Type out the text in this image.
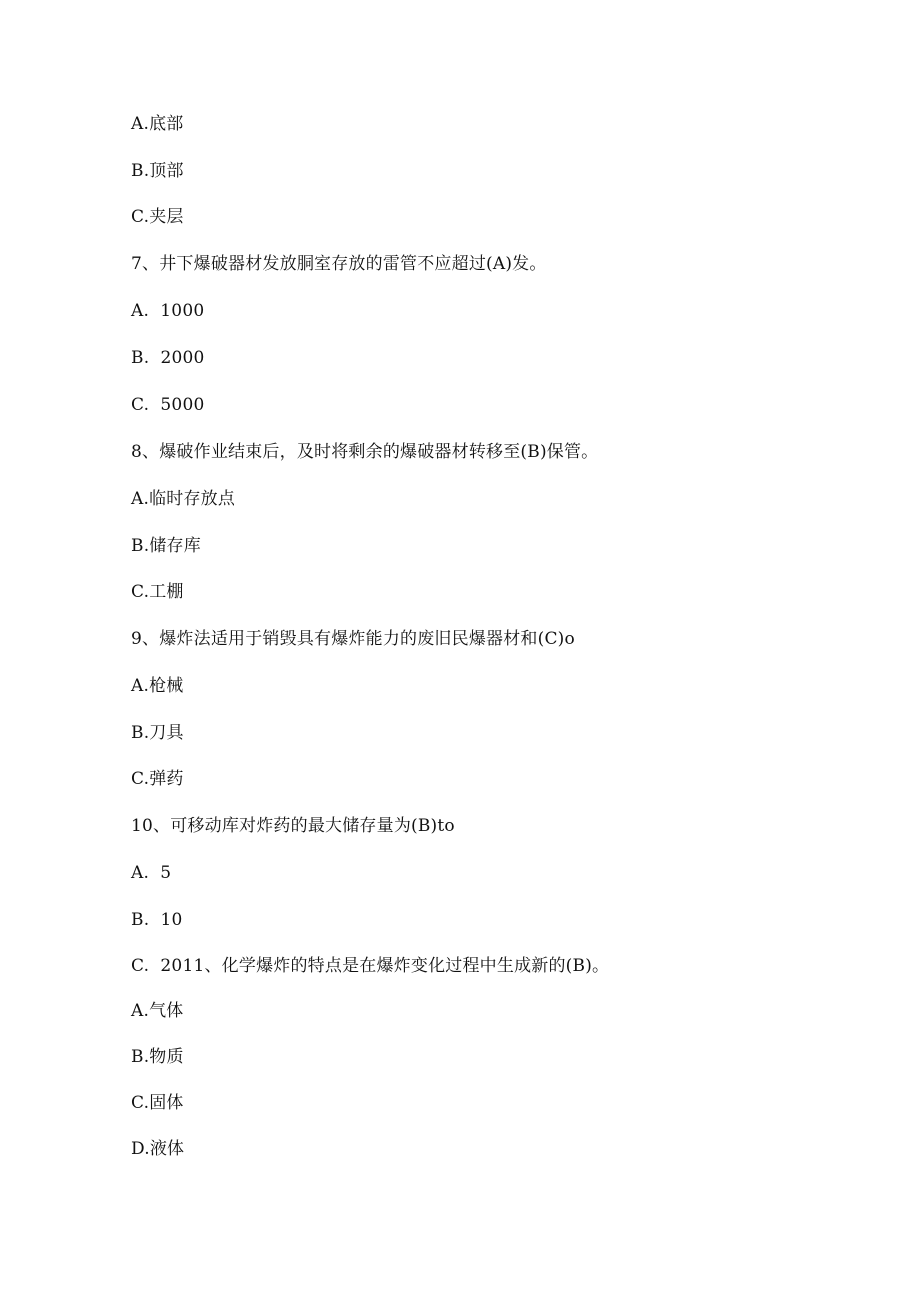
A.底部
B.顶部
C.夹层
7、井下爆破器材发放胴室存放的雷管不应超过(A)发。
A.  1000
B.  2000
C.  5000
8、爆破作业结束后，及时将剩余的爆破器材转移至(B)保管。
A.临时存放点
B.储存库
C.工棚
9、爆炸法适用于销毁具有爆炸能力的废旧民爆器材和(C)o
A.枪械
B.刀具
C.弹药
10、可移动库对炸药的最大储存量为(B)to
A.  5
B.  10
C.  2011、化学爆炸的特点是在爆炸变化过程中生成新的(B)。
A.气体
B.物质
C.固体
D.液体
